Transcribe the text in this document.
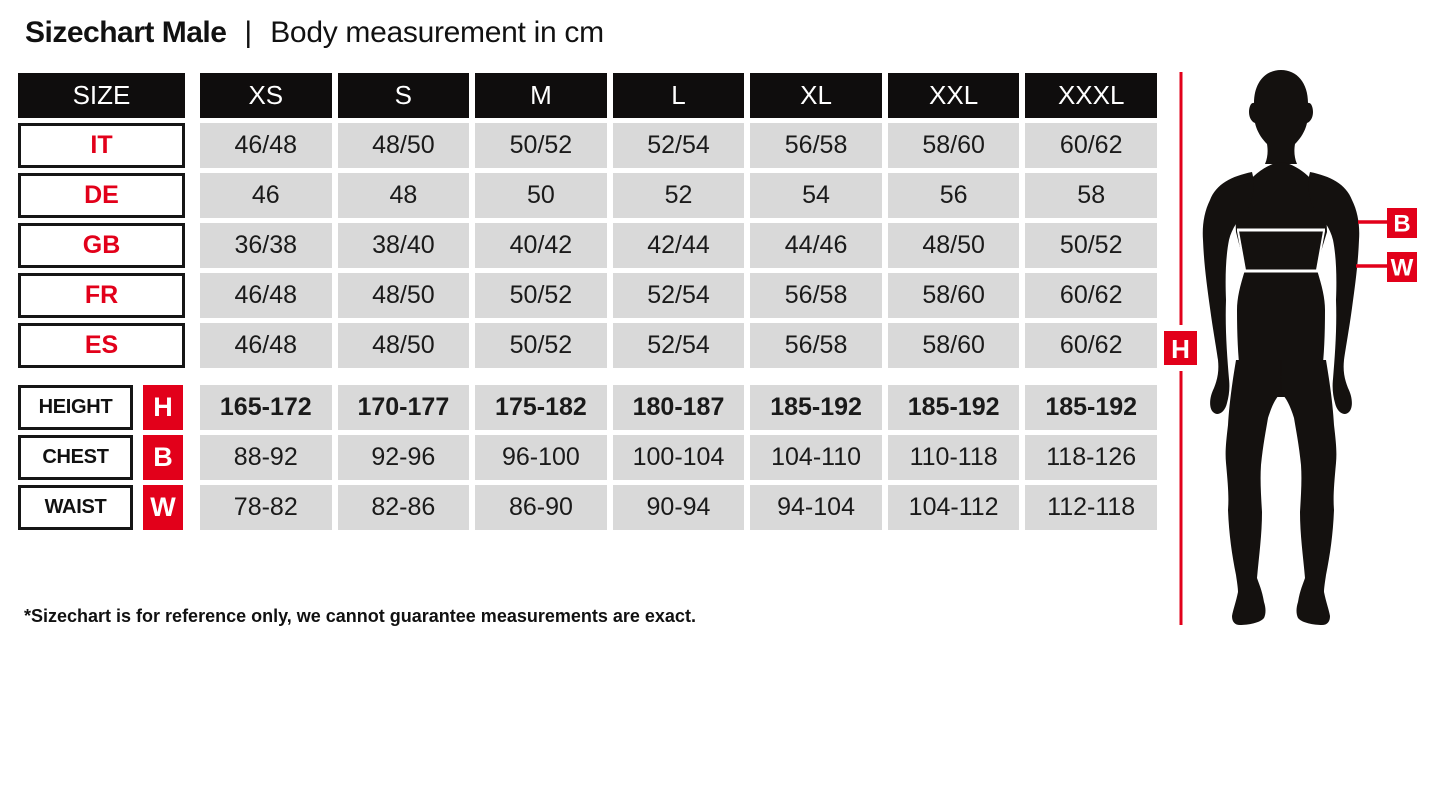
Sizechart Male | Body measurement in cm
SIZE	XS	S	M	L	XL	XXL	XXXL
IT	46/48	48/50	50/52	52/54	56/58	58/60	60/62
DE	46	48	50	52	54	56	58
GB	36/38	38/40	40/42	42/44	44/46	48/50	50/52
FR	46/48	48/50	50/52	52/54	56/58	58/60	60/62
ES	46/48	48/50	50/52	52/54	56/58	58/60	60/62
HEIGHT	H	165-172	170-177	175-182	180-187	185-192	185-192	185-192
CHEST	B	88-92	92-96	96-100	100-104	104-110	110-118	118-126
WAIST	W	78-82	82-86	86-90	90-94	94-104	104-112	112-118
*Sizechart is for reference only, we cannot guarantee measurements are exact.
H
B
W
